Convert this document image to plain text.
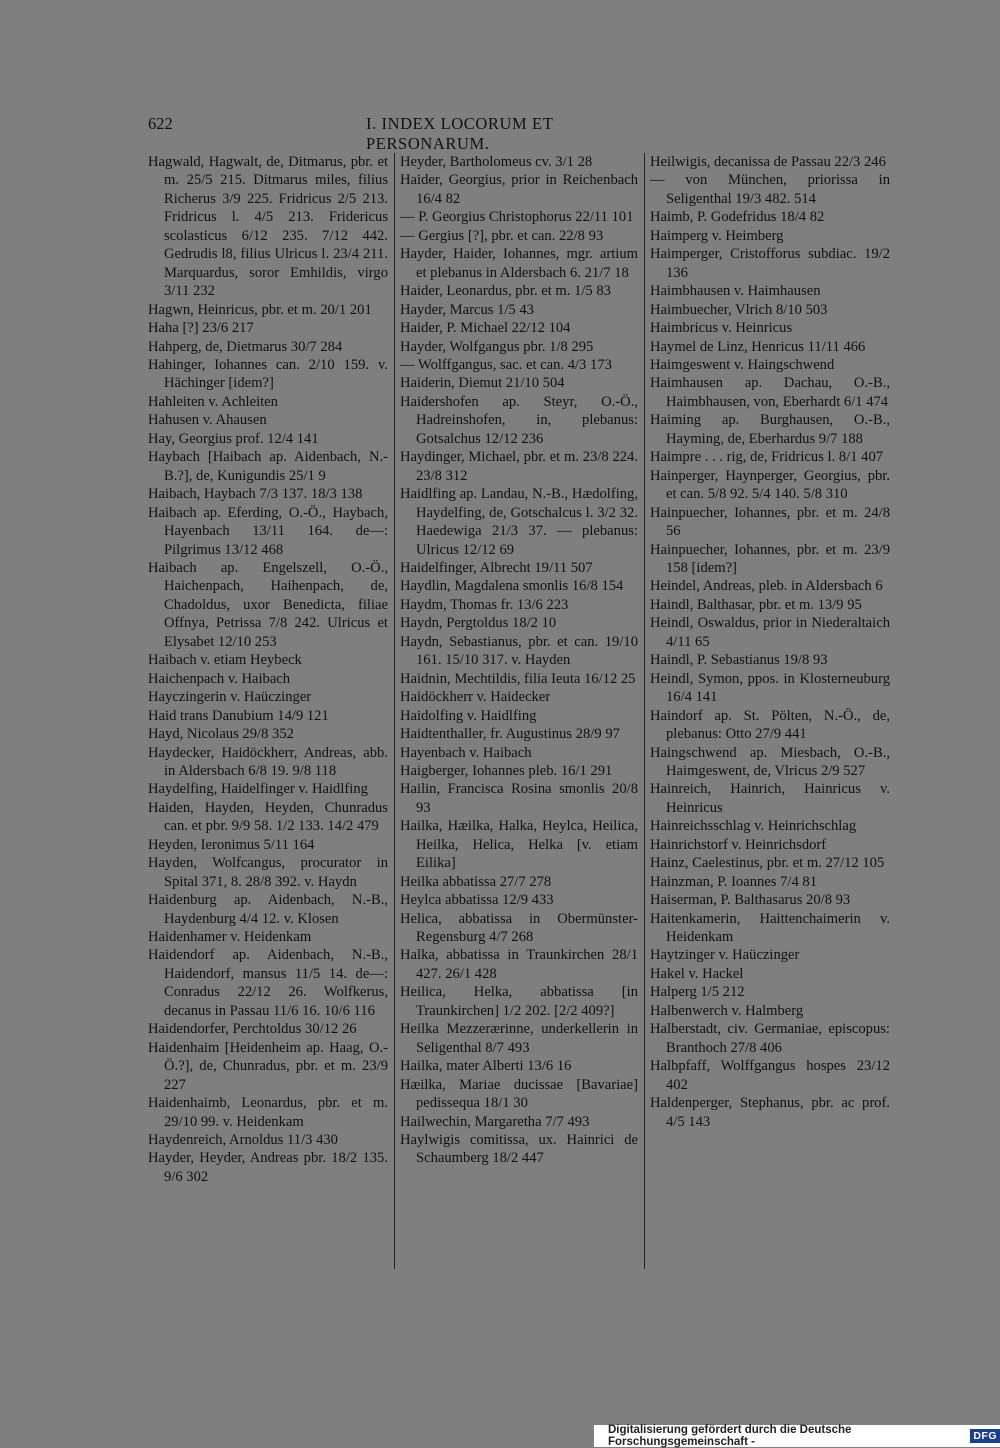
622	I. INDEX LOCORUM ET PERSONARUM.
Hagwald, Hagwalt, de, Ditmarus, pbr. et m. 25/5 215. Ditmarus miles, filius Richerus 3/9 225. Fridricus 2/5 213. Fridricus l. 4/5 213. Fridericus scolasticus 6/12 235. 7/12 442. Gedrudis l8, filius Ulricus l. 23/4 211. Marquardus, soror Emhildis, virgo 3/11 232
Hagwn, Heinricus, pbr. et m. 20/1 201
Haha [?] 23/6 217
Hahperg, de, Dietmarus 30/7 284
Hahinger, Iohannes can. 2/10 159. v. Hächinger [idem?]
Hahleiten v. Achleiten
Hahusen v. Ahausen
Hay, Georgius prof. 12/4 141
Haybach [Haibach ap. Aidenbach, N.-B.?], de, Kunigundis 25/1 9
Haibach, Haybach 7/3 137. 18/3 138
Haibach ap. Eferding, O.-Ö., Haybach, Hayenbach 13/11 164. de—: Pilgrimus 13/12 468
Haibach ap. Engelszell, O.-Ö., Haichenpach, Haihenpach, de, Chadoldus, uxor Benedicta, filiae Offnya, Petrissa 7/8 242. Ulricus et Elysabet 12/10 253
Haibach v. etiam Heybeck
Haichenpach v. Haibach
Hayczingerin v. Haüczinger
Haid trans Danubium 14/9 121
Hayd, Nicolaus 29/8 352
Haydecker, Haidöckherr, Andreas, abb. in Aldersbach 6/8 19. 9/8 118
Haydelfing, Haidelfinger v. Haidlfing
Haiden, Hayden, Heyden, Chunradus can. et pbr. 9/9 58. 1/2 133. 14/2 479
Heyden, Ieronimus 5/11 164
Hayden, Wolfcangus, procurator in Spital 371, 8. 28/8 392. v. Haydn
Haidenburg ap. Aidenbach, N.-B., Haydenburg 4/4 12. v. Klosen
Haidenhamer v. Heidenkam
Haidendorf ap. Aidenbach, N.-B., Haidendorf, mansus 11/5 14. de—: Conradus 22/12 26. Wolfkerus, decanus in Passau 11/6 16. 10/6 116
Haidendorfer, Perchtoldus 30/12 26
Haidenhaim [Heidenheim ap. Haag, O.-Ö.?], de, Chunradus, pbr. et m. 23/9 227
Haidenhaimb, Leonardus, pbr. et m. 29/10 99. v. Heidenkam
Haydenreich, Arnoldus 11/3 430
Hayder, Heyder, Andreas pbr. 18/2 135. 9/6 302
Heyder, Bartholomeus cv. 3/1 28
Haider, Georgius, prior in Reichenbach 16/4 82
— P. Georgius Christophorus 22/11 101
— Gergius [?], pbr. et can. 22/8 93
Hayder, Haider, Iohannes, mgr. artium et plebanus in Aldersbach 6. 21/7 18
Haider, Leonardus, pbr. et m. 1/5 83
Hayder, Marcus 1/5 43
Haider, P. Michael 22/12 104
Hayder, Wolfgangus pbr. 1/8 295
— Wolffgangus, sac. et can. 4/3 173
Haiderin, Diemut 21/10 504
Haidershofen ap. Steyr, O.-Ö., Hadreinshofen, in, plebanus: Gotsalchus 12/12 236
Haydinger, Michael, pbr. et m. 23/8 224. 23/8 312
Haidlfing ap. Landau, N.-B., Hædolfing, Haydelfing, de, Gotschalcus l. 3/2 32. Haedewiga 21/3 37. — plebanus: Ulricus 12/12 69
Haidelfinger, Albrecht 19/11 507
Haydlin, Magdalena smonlis 16/8 154
Haydm, Thomas fr. 13/6 223
Haydn, Pergtoldus 18/2 10
Haydn, Sebastianus, pbr. et can. 19/10 161. 15/10 317. v. Hayden
Haidnin, Mechtildis, filia Ieuta 16/12 25
Haidöckherr v. Haidecker
Haidolfing v. Haidlfing
Haidtenthaller, fr. Augustinus 28/9 97
Hayenbach v. Haibach
Haigberger, Iohannes pleb. 16/1 291
Hailin, Francisca Rosina smonlis 20/8 93
Hailka, Hæilka, Halka, Heylca, Heilica, Heilka, Helica, Helka [v. etiam Eilika]
Heilka abbatissa 27/7 278
Heylca abbatissa 12/9 433
Helica, abbatissa in Obermünster-Regensburg 4/7 268
Halka, abbatissa in Traunkirchen 28/1 427. 26/1 428
Heilica, Helka, abbatissa [in Traunkirchen] 1/2 202. [2/2 409?]
Heilka Mezzerærinne, underkellerin in Seligenthal 8/7 493
Hailka, mater Alberti 13/6 16
Hæilka, Mariae ducissae [Bavariae] pedissequa 18/1 30
Hailwechin, Margaretha 7/7 493
Haylwigis comitissa, ux. Hainrici de Schaumberg 18/2 447
Heilwigis, decanissa de Passau 22/3 246
— von München, priorissa in Seligenthal 19/3 482. 514
Haimb, P. Godefridus 18/4 82
Haimperg v. Heimberg
Haimperger, Cristofforus subdiac. 19/2 136
Haimbhausen v. Haimhausen
Haimbuecher, Vlrich 8/10 503
Haimbricus v. Heinricus
Haymel de Linz, Henricus 11/11 466
Haimgeswent v. Haingschwend
Haimhausen ap. Dachau, O.-B., Haimbhausen, von, Eberhardt 6/1 474
Haiming ap. Burghausen, O.-B., Hayming, de, Eberhardus 9/7 188
Haimpre . . . rig, de, Fridricus l. 8/1 407
Hainperger, Haynperger, Georgius, pbr. et can. 5/8 92. 5/4 140. 5/8 310
Hainpuecher, Iohannes, pbr. et m. 24/8 56
Hainpuecher, Iohannes, pbr. et m. 23/9 158 [idem?]
Heindel, Andreas, pleb. in Aldersbach 6
Haindl, Balthasar, pbr. et m. 13/9 95
Heindl, Oswaldus, prior in Niederaltaich 4/11 65
Haindl, P. Sebastianus 19/8 93
Heindl, Symon, ppos. in Klosterneuburg 16/4 141
Haindorf ap. St. Pölten, N.-Ö., de, plebanus: Otto 27/9 441
Haingschwend ap. Miesbach, O.-B., Haimgeswent, de, Vlricus 2/9 527
Hainreich, Hainrich, Hainricus v. Heinricus
Hainreichsschlag v. Heinrichschlag
Hainrichstorf v. Heinrichsdorf
Hainz, Caelestinus, pbr. et m. 27/12 105
Hainzman, P. Ioannes 7/4 81
Haiserman, P. Balthasarus 20/8 93
Haitenkamerin, Haittenchaimerin v. Heidenkam
Haytzinger v. Haüczinger
Hakel v. Hackel
Halperg 1/5 212
Halbenwerch v. Halmberg
Halberstadt, civ. Germaniae, episcopus: Branthoch 27/8 406
Halbpfaff, Wolffgangus hospes 23/12 402
Haldenperger, Stephanus, pbr. ac prof. 4/5 143
Digitalisierung gefördert durch die Deutsche Forschungsgemeinschaft -	DFG
